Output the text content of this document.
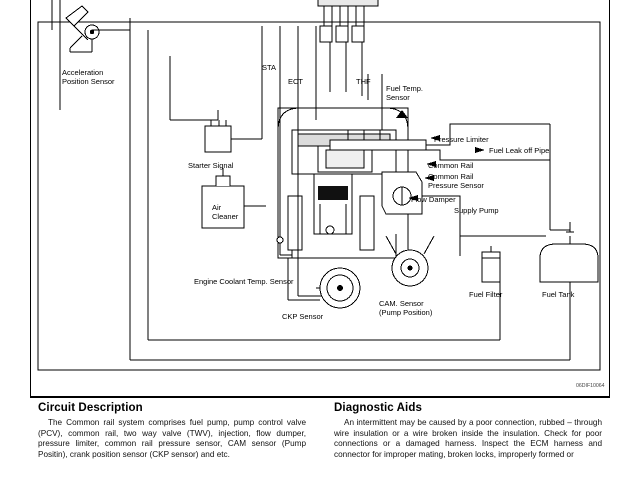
Acceleration
Position Sensor
STA
ECT	THF
Fuel Temp.
Sensor
Pressure Limiter
Fuel Leak off Pipe
Common Rail
Common Rail
Pressure Sensor
Flow Damper
Supply Pump
Starter Signal
Air
Cleaner
Engine Coolant Temp. Sensor
CKP Sensor
CAM. Sensor
(Pump Position)
Fuel Filter	Fuel Tank
06DIF10064
Circuit Description

The Common rail system comprises fuel pump, pump control valve (PCV), common rail, two way valve (TWV), injection, flow dumper, pressure limiter, common rail pressure sensor, CAM sensor (Pump Positin), crank position sensor (CKP sensor) and etc.

Diagnostic Aids

An intermittent may be caused by a poor connection, rubbed – through wire insulation or a wire broken inside the insulation. Check for poor connections or a damaged harness. Inspect the ECM harness and connector for improper mating, broken locks, improperly formed or
